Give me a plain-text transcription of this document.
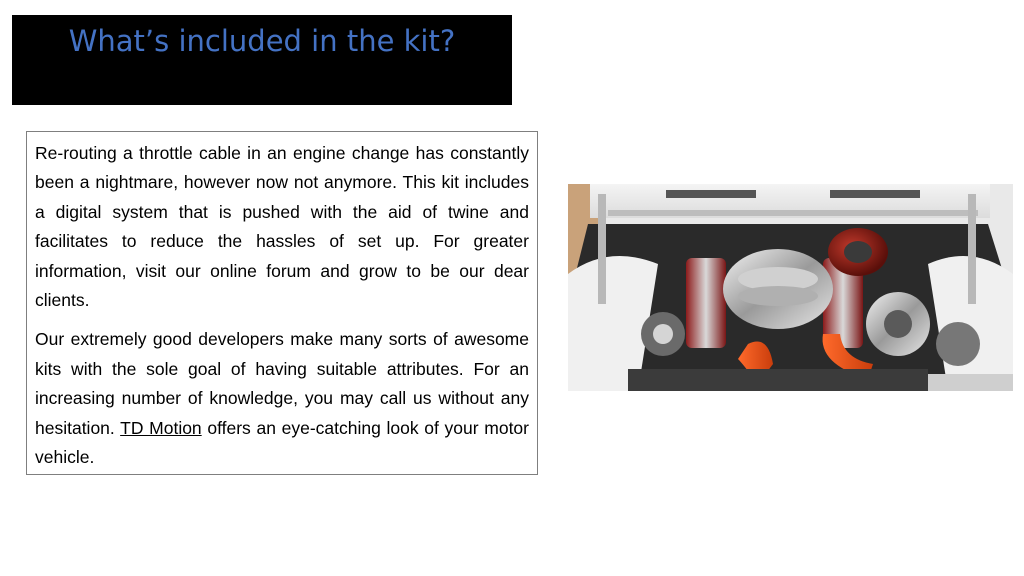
What’s included in the kit?

Re-routing a throttle cable in an engine change has constantly been a nightmare, however now not anymore. This kit includes a digital system that is pushed with the aid of twine and facilitates to reduce the hassles of set up. For greater information, visit our online forum and grow to be our dear clients.

Our extremely good developers make many sorts of awesome kits with the sole goal of having suitable attributes. For an increasing number of knowledge, you may call us without any hesitation. TD Motion offers an eye-catching look of your motor vehicle.
